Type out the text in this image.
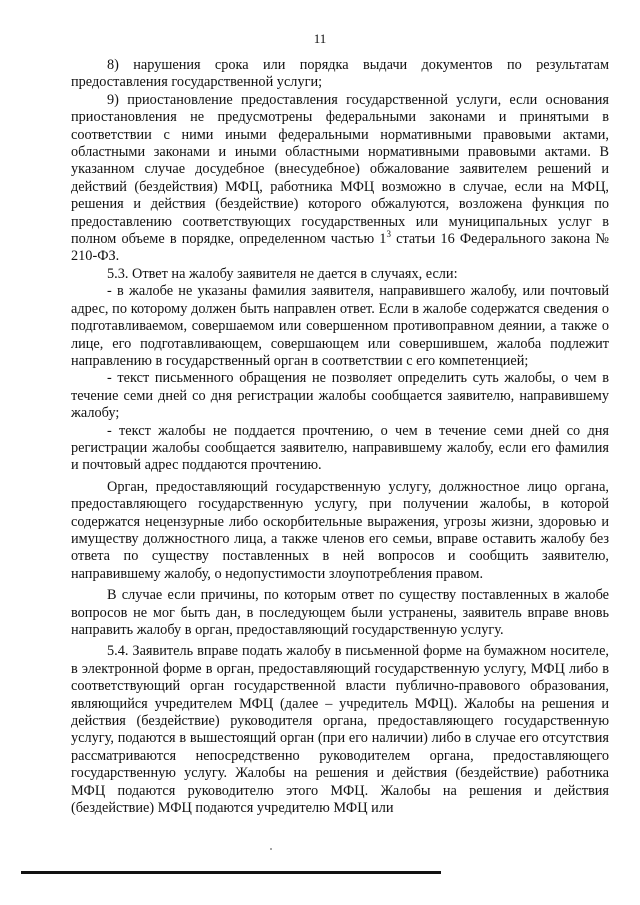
11

8) нарушения срока или порядка выдачи документов по результатам предоставления государственной услуги;

9) приостановление предоставления государственной услуги, если основания приостановления не предусмотрены федеральными законами и принятыми в соответствии с ними иными федеральными нормативными правовыми актами, областными законами и иными областными нормативными правовыми актами. В указанном случае досудебное (внесудебное) обжалование заявителем решений и действий (бездействия) МФЦ, работника МФЦ возможно в случае, если на МФЦ, решения и действия (бездействие) которого обжалуются, возложена функция по предоставлению соответствующих государственных или муниципальных услуг в полном объеме в порядке, определенном частью $1^3$ статьи 16 Федерального закона № 210-ФЗ.

5.3. Ответ на жалобу заявителя не дается в случаях, если:

- в жалобе не указаны фамилия заявителя, направившего жалобу, или почтовый адрес, по которому должен быть направлен ответ. Если в жалобе содержатся сведения о подготавливаемом, совершаемом или совершенном противоправном деянии, а также о лице, его подготавливающем, совершающем или совершившем, жалоба подлежит направлению в государственный орган в соответствии с его компетенцией;

- текст письменного обращения не позволяет определить суть жалобы, о чем в течение семи дней со дня регистрации жалобы сообщается заявителю, направившему жалобу;

- текст жалобы не поддается прочтению, о чем в течение семи дней со дня регистрации жалобы сообщается заявителю, направившему жалобу, если его фамилия и почтовый адрес поддаются прочтению.

Орган, предоставляющий государственную услугу, должностное лицо органа, предоставляющего государственную услугу, при получении жалобы, в которой содержатся нецензурные либо оскорбительные выражения, угрозы жизни, здоровью и имуществу должностного лица, а также членов его семьи, вправе оставить жалобу без ответа по существу поставленных в ней вопросов и сообщить заявителю, направившему жалобу, о недопустимости злоупотребления правом.

В случае если причины, по которым ответ по существу поставленных в жалобе вопросов не мог быть дан, в последующем были устранены, заявитель вправе вновь направить жалобу в орган, предоставляющий государственную услугу.

5.4. Заявитель вправе подать жалобу в письменной форме на бумажном носителе, в электронной форме в орган, предоставляющий государственную услугу, МФЦ либо в соответствующий орган государственной власти публично-правового образования, являющийся учредителем МФЦ (далее – учредитель МФЦ). Жалобы на решения и действия (бездействие) руководителя органа, предоставляющего государственную услугу, подаются в вышестоящий орган (при его наличии) либо в случае его отсутствия рассматриваются непосредственно руководителем органа, предоставляющего государственную услугу. Жалобы на решения и действия (бездействие) работника МФЦ подаются руководителю этого МФЦ. Жалобы на решения и действия (бездействие) МФЦ подаются учредителю МФЦ или
